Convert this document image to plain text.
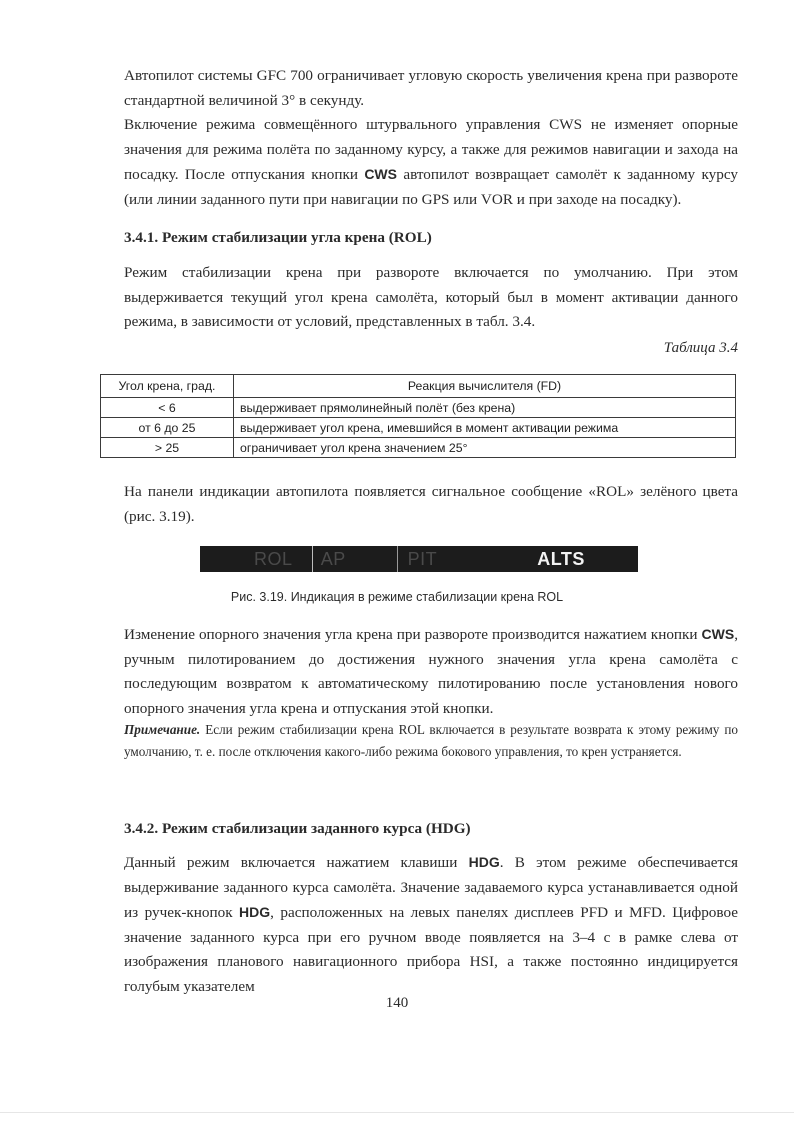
Автопилот системы GFC 700 ограничивает угловую скорость увеличения крена при развороте стандартной величиной 3° в секунду.

Включение режима совмещённого штурвального управления CWS не изменяет опорные значения для режима полёта по заданному курсу, а также для режимов навигации и захода на посадку. После отпускания кнопки CWS автопилот возвращает самолёт к заданному курсу (или линии заданного пути при навигации по GPS или VOR и при заходе на посадку).

3.4.1. Режим стабилизации угла крена (ROL)

Режим стабилизации крена при развороте включается по умолчанию. При этом выдерживается текущий угол крена самолёта, который был в момент активации данного режима, в зависимости от условий, представленных в табл. 3.4.

Таблица 3.4
Угол крена, град.	Реакция вычислителя (FD)
< 6	выдерживает прямолинейный полёт (без крена)
от 6 до 25	выдерживает угол крена, имевшийся в момент активации режима
> 25	ограничивает угол крена значением 25°

На панели индикации автопилота появляется сигнальное сообщение «ROL» зелёного цвета (рис. 3.19).

ROL	AP	PIT	ALTS
Рис. 3.19. Индикация в режиме стабилизации крена ROL

Изменение опорного значения угла крена при развороте производится нажатием кнопки CWS, ручным пилотированием до достижения нужного значения угла крена самолёта с последующим возвратом к автоматическому пилотированию после установления нового опорного значения угла крена и отпускания этой кнопки.

Примечание. Если режим стабилизации крена ROL включается в результате возврата к этому режиму по умолчанию, т. е. после отключения какого-либо режима бокового управления, то крен устраняется.

3.4.2. Режим стабилизации заданного курса (HDG)

Данный режим включается нажатием клавиши HDG. В этом режиме обеспечивается выдерживание заданного курса самолёта. Значение задаваемого курса устанавливается одной из ручек-кнопок HDG, расположенных на левых панелях дисплеев PFD и MFD. Цифровое значение заданного курса при его ручном вводе появляется на 3–4 с в рамке слева от изображения планового навигационного прибора HSI, а также постоянно индицируется голубым указателем

140
